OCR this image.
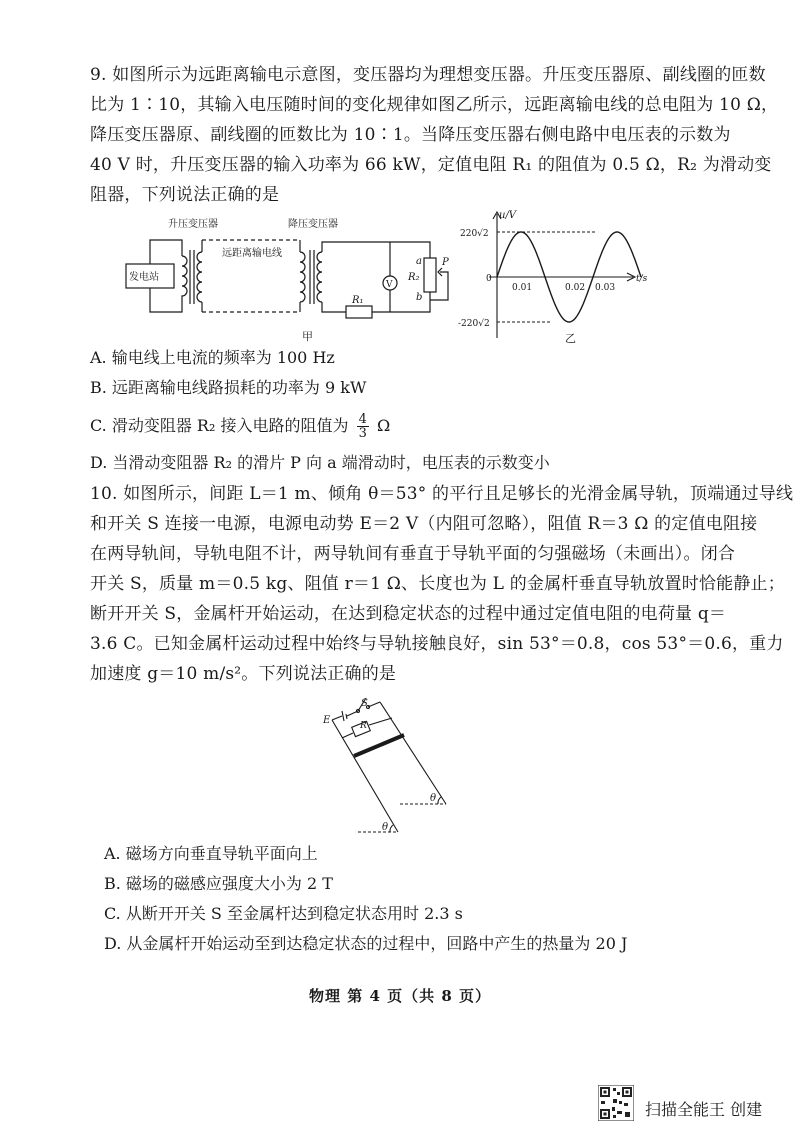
9. 如图所示为远距离输电示意图，变压器均为理想变压器。升压变压器原、副线圈的匝数
比为 1∶10，其输入电压随时间的变化规律如图乙所示，远距离输电线的总电阻为 10 Ω，
降压变压器原、副线圈的匝数比为 10∶1。当降压变压器右侧电路中电压表的示数为
40 V 时，升压变压器的输入功率为 66 kW，定值电阻 R₁ 的阻值为 0.5 Ω，R₂ 为滑动变
阻器，下列说法正确的是
升压变压器	降压变压器
远距离输电线
发电站
V
R₁
R₂
a
b
P
甲
u/V
t/s
220√2
-220√2
0
0.01	0.02 0.03
乙
A. 输电线上电流的频率为 100 Hz
B. 远距离输电线路损耗的功率为 9 kW
C. 滑动变阻器 R₂ 接入电路的阻值为 $\frac{4}{3}$ Ω
D. 当滑动变阻器 R₂ 的滑片 P 向 a 端滑动时，电压表的示数变小
10. 如图所示，间距 L＝1 m、倾角 θ＝53° 的平行且足够长的光滑金属导轨，顶端通过导线
和开关 S 连接一电源，电源电动势 E＝2 V（内阻可忽略），阻值 R＝3 Ω 的定值电阻接
在两导轨间，导轨电阻不计，两导轨间有垂直于导轨平面的匀强磁场（未画出）。闭合
开关 S，质量 m＝0.5 kg、阻值 r＝1 Ω、长度也为 L 的金属杆垂直导轨放置时恰能静止；
断开开关 S，金属杆开始运动，在达到稳定状态的过程中通过定值电阻的电荷量 q＝
3.6 C。已知金属杆运动过程中始终与导轨接触良好，sin 53°＝0.8，cos 53°＝0.6，重力
加速度 g＝10 m/s²。下列说法正确的是
S
E	R
θ
θ
A. 磁场方向垂直导轨平面向上
B. 磁场的磁感应强度大小为 2 T
C. 从断开开关 S 至金属杆达到稳定状态用时 2.3 s
D. 从金属杆开始运动至到达稳定状态的过程中，回路中产生的热量为 20 J
物理 第 4 页（共 8 页）
扫描全能王 创建
